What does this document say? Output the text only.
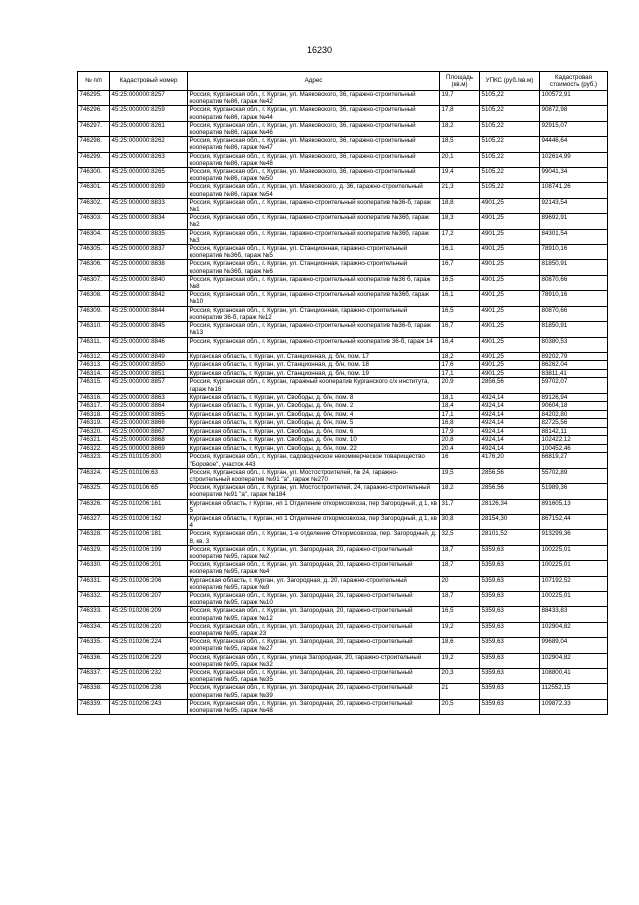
16230
№ п/п	Кадастровый номер	Адрес	Площадь (кв.м)	УПКС (руб./кв.м)	Кадастровая стоимость (руб.)
746295.	45:25:000000:8257	Россия, Курганская обл., г. Курган, ул. Маяковского, 36, гаражно-строительный кооператив №86, гараж №42	19,7	5105,22	100572,91
746296.	45:25:000000:8259	Россия, Курганская обл., г. Курган, ул. Маяковского, 36, гаражно-строительный кооператив №86, гараж №44	17,8	5105,22	90872,98
746297.	45:25:000000:8261	Россия, Курганская обл., г. Курган, ул. Маяковского, 36, гаражно-строительный кооператив №86, гараж №46	18,2	5105,22	92915,07
746298.	45:25:000000:8262	Россия, Курганская обл., г. Курган, ул. Маяковского, 36, гаражно-строительный кооператив №86, гараж №47	18,5	5105,22	94446,64
746299.	45:25:000000:8263	Россия, Курганская обл., г. Курган, ул. Маяковского, 36, гаражно-строительный кооператив №86, гараж №48	20,1	5105,22	102614,99
746300.	45:25:000000:8265	Россия, Курганская обл., г. Курган, ул. Маяковского, 36, гаражно-строительный кооператив №86, гараж №50	19,4	5105,22	99041,34
746301.	45:25:000000:8269	Россия, Курганская обл., г. Курган, ул. Маяковского, д. 36, гаражно-строительный кооператив №86, гараж №54	21,3	5105,22	108741,26
746302.	45:25:000000:8833	Россия, Курганская обл., г. Курган, гаражно-строительный кооператив №36-б, гараж №1	18,8	4901,25	92143,54
746303.	45:25:000000:8834	Россия, Курганская обл., г. Курган, гаражно-строительный кооператив №36б, гараж №2	18,3	4901,25	89692,91
746304.	45:25:000000:8835	Россия, Курганская обл., г. Курган, гаражно-строительный кооператив №36б, гараж №3	17,2	4901,25	84301,54
746305.	45:25:000000:8837	Россия, Курганская обл., г. Курган, ул. Станционная, гаражно-строительный кооператив №36б, гараж №5	16,1	4901,25	78910,16
746306.	45:25:000000:8838	Россия, Курганская обл., г. Курган, ул. Станционная, гаражно-строительный кооператив №36б, гараж №6	16,7	4901,25	81850,91
746307.	45:25:000000:8840	Россия, Курганская обл., г. Курган, гаражно-строительный кооператив №36 б, гараж №8	16,5	4901,25	80870,66
746308.	45:25:000000:8842	Россия, Курганская обл., г. Курган, гаражно-строительный кооператив №36б, гараж №10	16,1	4901,25	78910,16
746309.	45:25:000000:8844	Россия, Курганская обл., г. Курган, ул. Станционная, гаражно-строительный кооператив 36-б, гараж №12	16,5	4901,25	80870,66
746310.	45:25:000000:8845	Россия, Курганская обл., г. Курган, гаражно-строительный кооператив №36-б, гараж №13	16,7	4901,25	81850,91
746311.	45:25:000000:8846	Россия, Курганская обл., г. Курган, гаражно-строительный кооператив 36-б, гараж 14	16,4	4901,25	80380,53
746312.	45:25:000000:8849	Курганская область, г. Курган, ул. Станционная, д. б/н, пом. 17	18,2	4901,25	89202,79
746313.	45:25:000000:8850	Курганская область, г. Курган, ул. Станционная, д. б/н, пом. 18	17,6	4901,25	86262,04
746314.	45:25:000000:8851	Курганская область, г. Курган, ул. Станционная, д. б/н, пом. 19	17,1	4901,25	83811,41
746315.	45:25:000000:8857	Россия, Курганская обл., г. Курган, гаражный кооператив Курганского с/х института, гараж №16	20,9	2856,56	59702,07
746316.	45:25:000000:8863	Курганская область, г. Курган, ул. Свободы, д. б/н, пом. 8	18,1	4924,14	89126,94
746317.	45:25:000000:8864	Курганская область, г. Курган, ул. Свободы, д. б/н, пом. 2	18,4	4924,14	90604,18
746318.	45:25:000000:8865	Курганская область, г. Курган, ул. Свободы, д. б/н, пом. 4	17,1	4924,14	84202,80
746319.	45:25:000000:8866	Курганская область, г. Курган, ул. Свободы, д. б/н, пом. 5	16,8	4924,14	82725,56
746320.	45:25:000000:8867	Курганская область, г. Курган, ул. Свободы, д. б/н, пом. 6	17,9	4924,14	88142,11
746321.	45:25:000000:8868	Курганская область, г. Курган, ул. Свободы, д. б/н, пом. 10	20,8	4924,14	102422,12
746322.	45:25:000000:8869	Курганская область, г. Курган, ул. Свободы, д. б/н, пом. 22	20,4	4924,14	100452,46
746323.	45:25:010105:800	Россия, Курганская обл., г. Курган, садоводческое некоммерческое товарищество "Боровое", участок 443	16	4176,20	66819,27
746324.	45:25:010106:63	Россия, Курганская обл., г. Курган, ул. Мостостроителей, № 24, гаражно-строительный кооператив №91 "а", гараж №270	19,5	2856,56	55702,89
746325.	45:25:010106:65	Россия, Курганская обл., г. Курган, ул. Мостостроителей, 24, гаражно-строительный кооператив №91 "а", гараж №184	18,2	2856,56	51989,36
746326.	45:25:010206:161	Курганская область, г Курган, нп 1 Отделение откормсовхоза, пер Загородный, д 1, кв 5	31,7	28126,34	891605,13
746327.	45:25:010206:162	Курганская область, г Курган, нп 1 Отделение откормсовхоза, пер Загородный, д 1, кв 4	30,8	28154,30	867152,44
746328.	45:25:010206:181	Россия, Курганская обл., г. Курган, 1-е отделение Откормсовхоза, пер. Загородный, д. 8, кв. 3	32,5	28101,52	913299,36
746329.	45:25:010206:199	Россия, Курганская обл., г. Курган, ул. Загородная, 20, гаражно-строительный кооператив №95, гараж №2	18,7	5359,63	100225,01
746330.	45:25:010206:201	Россия, Курганская обл., г. Курган, ул. Загородная, 20, гаражно-строительный кооператив №95, гараж №4	18,7	5359,63	100225,01
746331.	45:25:010206:206	Курганская область, г. Курган, ул. Загородная, д. 20, гаражно-строительный кооператив №95, гараж №9	20	5359,63	107192,52
746332.	45:25:010206:207	Россия, Курганская обл., г. Курган, ул. Загородная, 20, гаражно-строительный кооператив №95, гараж №10	18,7	5359,63	100225,01
746333.	45:25:010206:209	Россия, Курганская обл., г. Курган, ул. Загородная, 20, гаражно-строительный кооператив №95, гараж №12	16,5	5359,63	88433,83
746334.	45:25:010206:220	Россия, Курганская обл., г. Курган, ул. Загородная, 20, гаражно-строительный кооператив №95, гараж 23	19,2	5359,63	102904,82
746335.	45:25:010206:224	Россия, Курганская обл., г. Курган, ул. Загородная, 20, гаражно-строительный кооператив №95, гараж №27	18,6	5359,63	99689,04
746336.	45:25:010206:229	Россия, Курганская обл., г. Курган, улица Загородная, 20, гаражно-строительный кооператив №95, гараж №32	19,2	5359,63	102904,82
746337.	45:25:010206:232	Россия, Курганская обл., г. Курган, ул. Загородная, 20, гаражно-строительный кооператив №95, гараж №35	20,3	5359,63	108800,41
746338.	45:25:010206:236	Россия, Курганская обл., г. Курган, ул. Загородная, 20, гаражно-строительный кооператив №95, гараж №39	21	5359,63	112552,15
746339.	45:25:010206:243	Россия, Курганская обл., г. Курган, ул. Загородная, 20, гаражно-строительный кооператив №95, гараж №48	20,5	5359,63	109872,33
